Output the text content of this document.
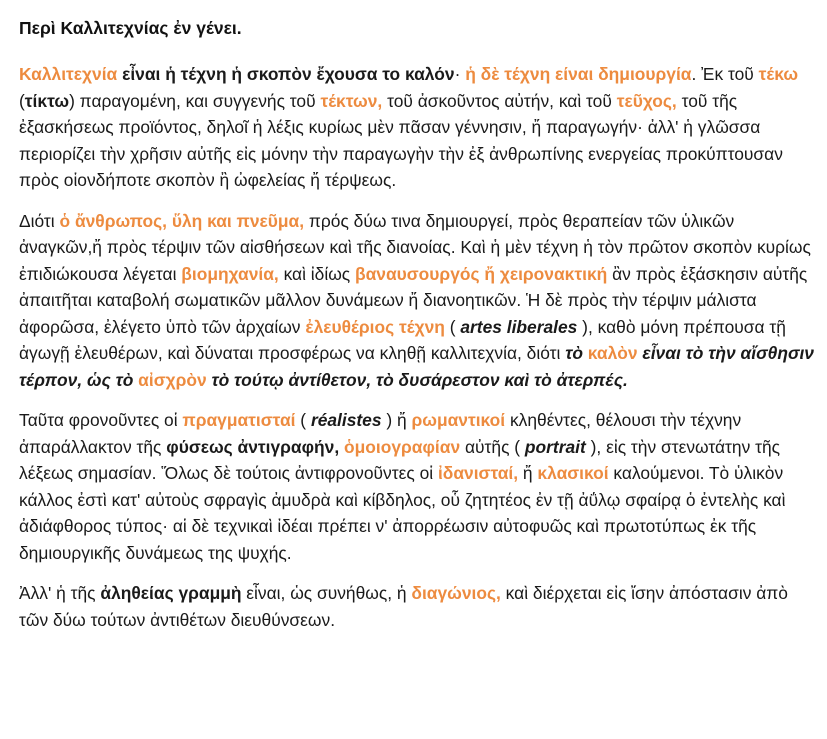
Περὶ Καλλιτεχνίας ἐν γένει.

Καλλιτεχνία εἶναι ἡ τέχνη ἡ σκοπὸν ἔχουσα το καλόν· ἡ δὲ τέχνη είναι δημιουργία. Ἐκ τοῦ τέκω (τίκτω) παραγομένη, και συγγενής τοῦ τέκτων, τοῦ ἀσκοῦντος αὐτήν, καὶ τοῦ τεῦχος, τοῦ τῆς ἐξασκήσεως προϊόντος, δηλοῖ ἡ λέξις κυρίως μὲν πᾶσαν γέννησιν, ἤ παραγωγήν· ἀλλ' ἡ γλῶσσα περιορίζει τὴν χρῆσιν αὐτῆς εἰς μόνην τὴν παραγωγὴν τὴν ἐξ ἀνθρωπίνης ενεργείας προκύπτουσαν πρὸς οἱονδήποτε σκοπὸν ἢ ὠφελείας ἤ τέρψεως.

Διότι ὁ ἄνθρωπος, ὕλη και πνεῦμα, πρός δύω τινα δημιουργεί, πρὸς θεραπείαν τῶν ὑλικῶν ἀναγκῶν,ἤ πρὸς τέρψιν τῶν αἰσθήσεων καὶ τῆς διανοίας. Καὶ ἡ μὲν τέχνη ἡ τὸν πρῶτον σκοπὸν κυρίως ἐπιδιώκουσα λέγεται βιομηχανία, καὶ ἰδίως βαναυσουργός ἤ χειρονακτική ἂν πρὸς ἐξάσκησιν αὐτῆς ἀπαιτῆται καταβολή σωματικῶν μᾶλλον δυνάμεων ἤ διανοητικῶν. Ἡ δὲ πρὸς τὴν τέρψιν μάλιστα ἀφορῶσα, ἐλέγετο ὑπὸ τῶν ἀρχαίων ἐλευθέριος τέχνη ( artes liberales ), καθὸ μόνη πρέπουσα τῇ ἀγωγῇ ἐλευθέρων, καὶ δύναται προσφέρως να κληθῇ καλλιτεχνία, διότι τὸ καλὸν εἶναι τὸ τὴν αἴσθησιν τέρπον, ὡς τὸ αἰσχρὸν τὸ τούτῳ ἀντίθετον, τὸ δυσάρεστον καὶ τὸ ἀτερπές.

Ταῦτα φρονοῦντες οἱ πραγματισταί ( réalistes ) ἤ ρωμαντικοί κληθέντες, θέλουσι τὴν τέχνην ἀπαράλλακτον τῆς φύσεως ἀντιγραφήν, ὁμοιογραφίαν αὐτῆς ( portrait ), εἰς τὴν στενωτάτην τῆς λέξεως σημασίαν. Ὅλως δὲ τούτοις ἀντιφρονοῦντες οἱ ἰδανισταί, ἤ κλασικοί καλούμενοι. Τὸ ὑλικὸν κάλλος ἐστὶ κατ' αὐτοὺς σφραγὶς ἀμυδρὰ καὶ κίβδηλος, οὗ ζητητέος ἐν τῇ ἀΰλῳ σφαίρᾳ ὁ ἐντελὴς καὶ ἀδιάφθορος τύπος· αἱ δὲ τεχνικαὶ ἰδέαι πρέπει ν' ἀπορρέωσιν αὐτοφυῶς καὶ πρωτοτύπως ἐκ τῆς δημιουργικῆς δυνάμεως της ψυχής.

Ἀλλ' ἡ τῆς ἀληθείας γραμμὴ εἶναι, ὡς συνήθως, ἡ διαγώνιος, καὶ διέρχεται εἰς ἴσην ἀπόστασιν ἀπὸ τῶν δύω τούτων ἀντιθέτων διευθύνσεων.
